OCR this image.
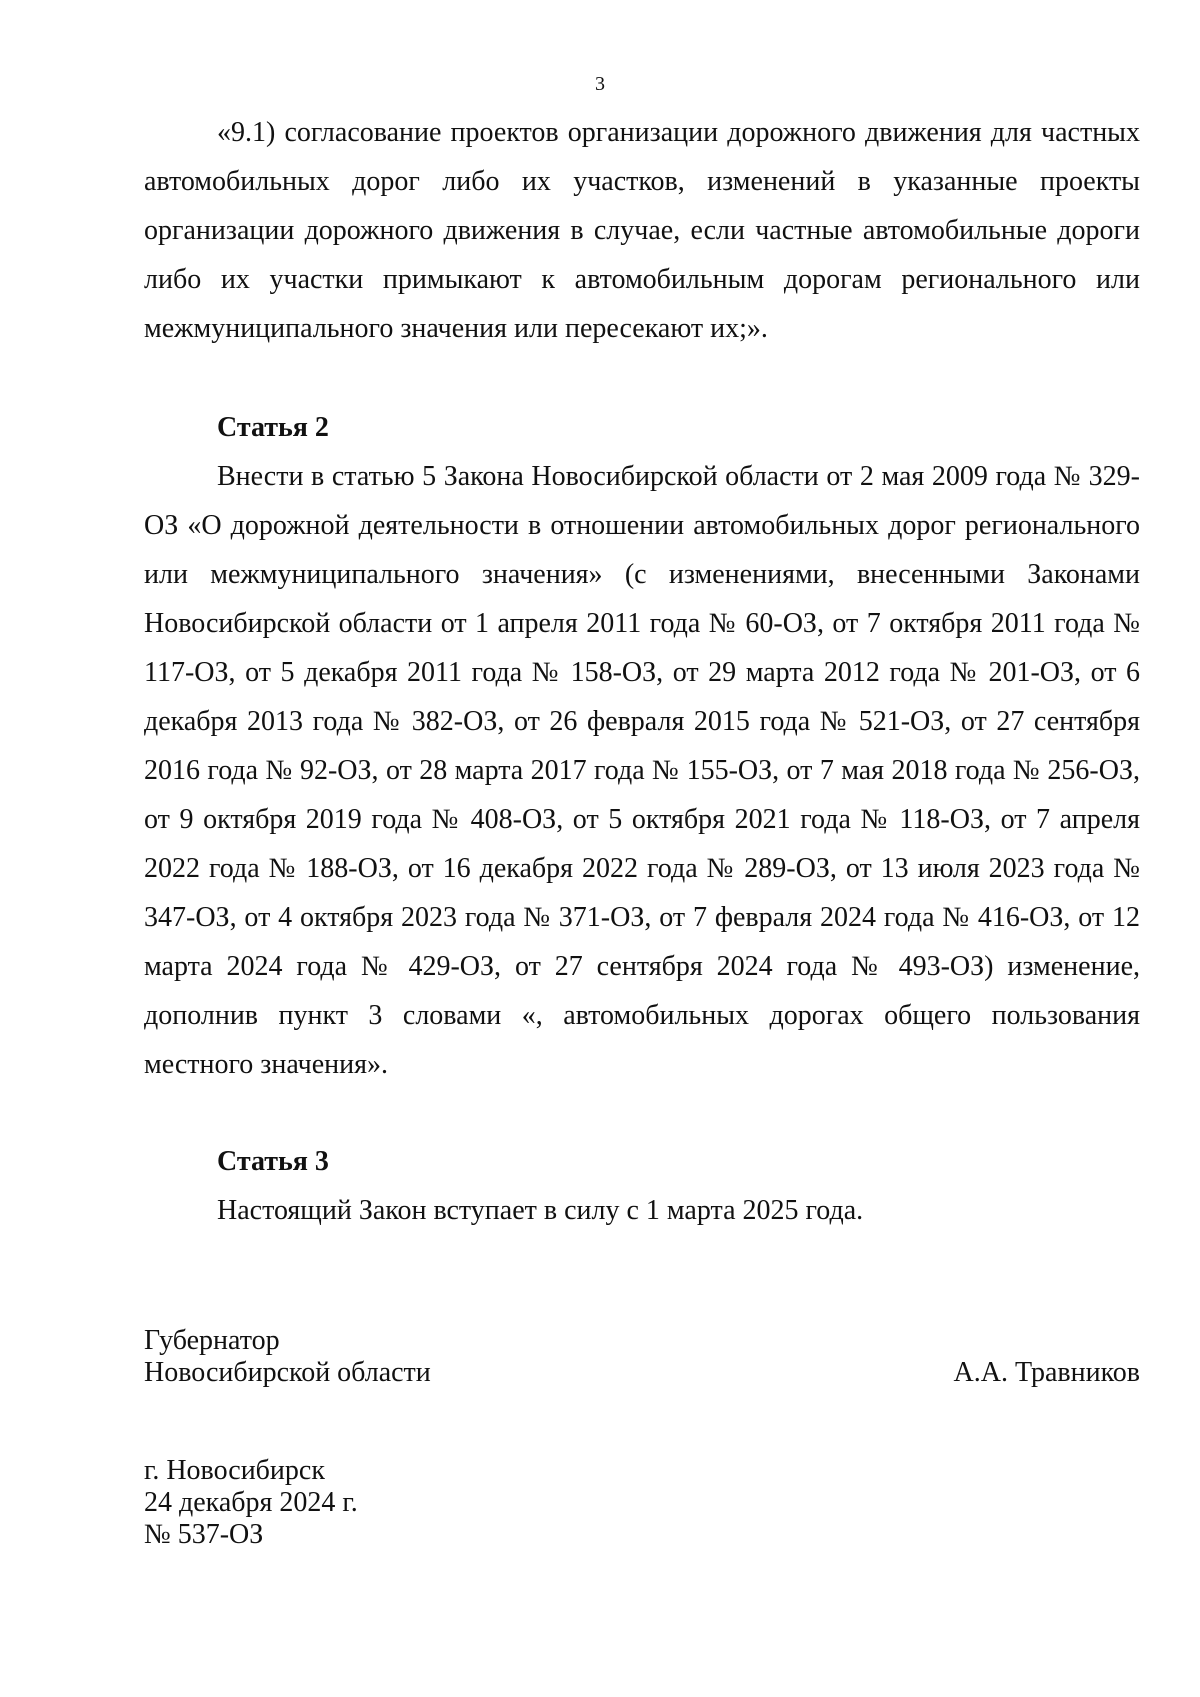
3

«9.1) согласование проектов организации дорожного движения для частных автомобильных дорог либо их участков, изменений в указанные проекты организации дорожного движения в случае, если частные автомобильные дороги либо их участки примыкают к автомобильным дорогам регионального или межмуниципального значения или пересекают их;».

Статья 2

Внести в статью 5 Закона Новосибирской области от 2 мая 2009 года № 329-ОЗ «О дорожной деятельности в отношении автомобильных дорог регионального или межмуниципального значения» (с изменениями, внесенными Законами Новосибирской области от 1 апреля 2011 года № 60-ОЗ, от 7 октября 2011 года № 117-ОЗ, от 5 декабря 2011 года № 158-ОЗ, от 29 марта 2012 года № 201-ОЗ, от 6 декабря 2013 года № 382-ОЗ, от 26 февраля 2015 года № 521-ОЗ, от 27 сентября 2016 года № 92-ОЗ, от 28 марта 2017 года № 155-ОЗ, от 7 мая 2018 года № 256-ОЗ, от 9 октября 2019 года № 408-ОЗ, от 5 октября 2021 года № 118-ОЗ, от 7 апреля 2022 года № 188-ОЗ, от 16 декабря 2022 года № 289-ОЗ, от 13 июля 2023 года № 347-ОЗ, от 4 октября 2023 года № 371-ОЗ, от 7 февраля 2024 года № 416-ОЗ, от 12 марта 2024 года № 429-ОЗ, от 27 сентября 2024 года № 493-ОЗ) изменение, дополнив пункт 3 словами «, автомобильных дорогах общего пользования местного значения».

Статья 3

Настоящий Закон вступает в силу с 1 марта 2025 года.

Губернатор
Новосибирской области	А.А. Травников
г. Новосибирск
24 декабря 2024 г.
№ 537-ОЗ
